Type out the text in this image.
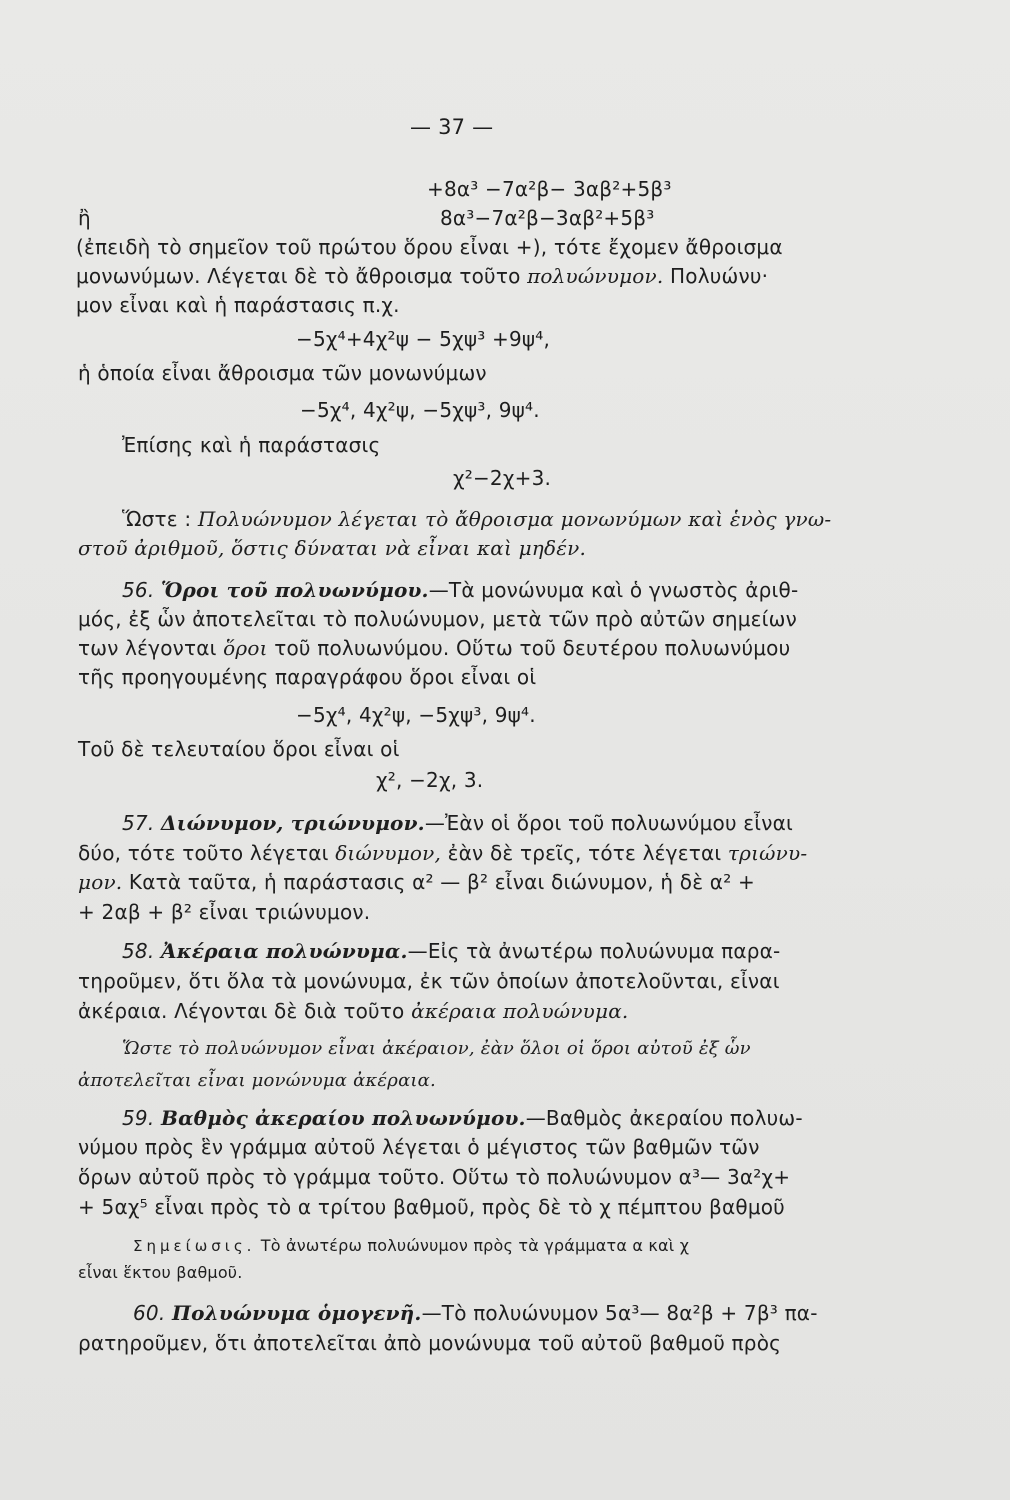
— 37 —
+8α³ −7α²β− 3αβ²+5β³
ἢ	8α³−7α²β−3αβ²+5β³
(ἐπειδὴ τὸ σημεῖον τοῦ πρώτου ὅρου εἶναι +), τότε ἔχομεν ἄθροισμα
μονωνύμων. Λέγεται δὲ τὸ ἄθροισμα τοῦτο πολυώνυμον. Πολυώνυ·
μον εἶναι καὶ ἡ παράστασις π.χ.
−5χ⁴+4χ²ψ − 5χψ³ +9ψ⁴,
ἡ ὁποία εἶναι ἄθροισμα τῶν μονωνύμων
−5χ⁴, 4χ²ψ, −5χψ³, 9ψ⁴.
Ἐπίσης καὶ ἡ παράστασις
χ²−2χ+3.
Ὥστε : Πολυώνυμον λέγεται τὸ ἄθροισμα μονωνύμων καὶ ἑνὸς γνω-
στοῦ ἀριθμοῦ, ὅστις δύναται νὰ εἶναι καὶ μηδέν.
56. Ὅροι τοῦ πολυωνύμου.—Τὰ μονώνυμα καὶ ὁ γνωστὸς ἀριθ-
μός, ἐξ ὧν ἀποτελεῖται τὸ πολυώνυμον, μετὰ τῶν πρὸ αὐτῶν σημείων
των λέγονται ὅροι τοῦ πολυωνύμου. Οὕτω τοῦ δευτέρου πολυωνύμου
τῆς προηγουμένης παραγράφου ὅροι εἶναι οἱ
−5χ⁴, 4χ²ψ, −5χψ³, 9ψ⁴.
Τοῦ δὲ τελευταίου ὅροι εἶναι οἱ
χ², −2χ, 3.
57. Διώνυμον, τριώνυμον.—Ἐὰν οἱ ὅροι τοῦ πολυωνύμου εἶναι
δύο, τότε τοῦτο λέγεται διώνυμον, ἐὰν δὲ τρεῖς, τότε λέγεται τριώνυ-
μον. Κατὰ ταῦτα, ἡ παράστασις α² — β² εἶναι διώνυμον, ἡ δὲ α² +
+ 2αβ + β² εἶναι τριώνυμον.
58. Ἀκέραια πολυώνυμα.—Εἰς τὰ ἀνωτέρω πολυώνυμα παρα-
τηροῦμεν, ὅτι ὅλα τὰ μονώνυμα, ἐκ τῶν ὁποίων ἀποτελοῦνται, εἶναι
ἀκέραια. Λέγονται δὲ διὰ τοῦτο ἀκέραια πολυώνυμα.
Ὥστε τὸ πολυώνυμον εἶναι ἀκέραιον, ἐὰν ὅλοι οἱ ὅροι αὐτοῦ ἐξ ὧν
ἀποτελεῖται εἶναι μονώνυμα ἀκέραια.
59. Βαθμὸς ἀκεραίου πολυωνύμου.—Βαθμὸς ἀκεραίου πολυω-
νύμου πρὸς ἓν γράμμα αὐτοῦ λέγεται ὁ μέγιστος τῶν βαθμῶν τῶν
ὅρων αὐτοῦ πρὸς τὸ γράμμα τοῦτο. Οὕτω τὸ πολυώνυμον α³— 3α²χ+
+ 5αχ⁵ εἶναι πρὸς τὸ α τρίτου βαθμοῦ, πρὸς δὲ τὸ χ πέμπτου βαθμοῦ
Σημείωσις. Τὸ ἀνωτέρω πολυώνυμον πρὸς τὰ γράμματα α καὶ χ
εἶναι ἕκτου βαθμοῦ.
60. Πολυώνυμα ὁμογενῆ.—Τὸ πολυώνυμον 5α³— 8α²β + 7β³ πα-
ρατηροῦμεν, ὅτι ἀποτελεῖται ἀπὸ μονώνυμα τοῦ αὐτοῦ βαθμοῦ πρὸς
